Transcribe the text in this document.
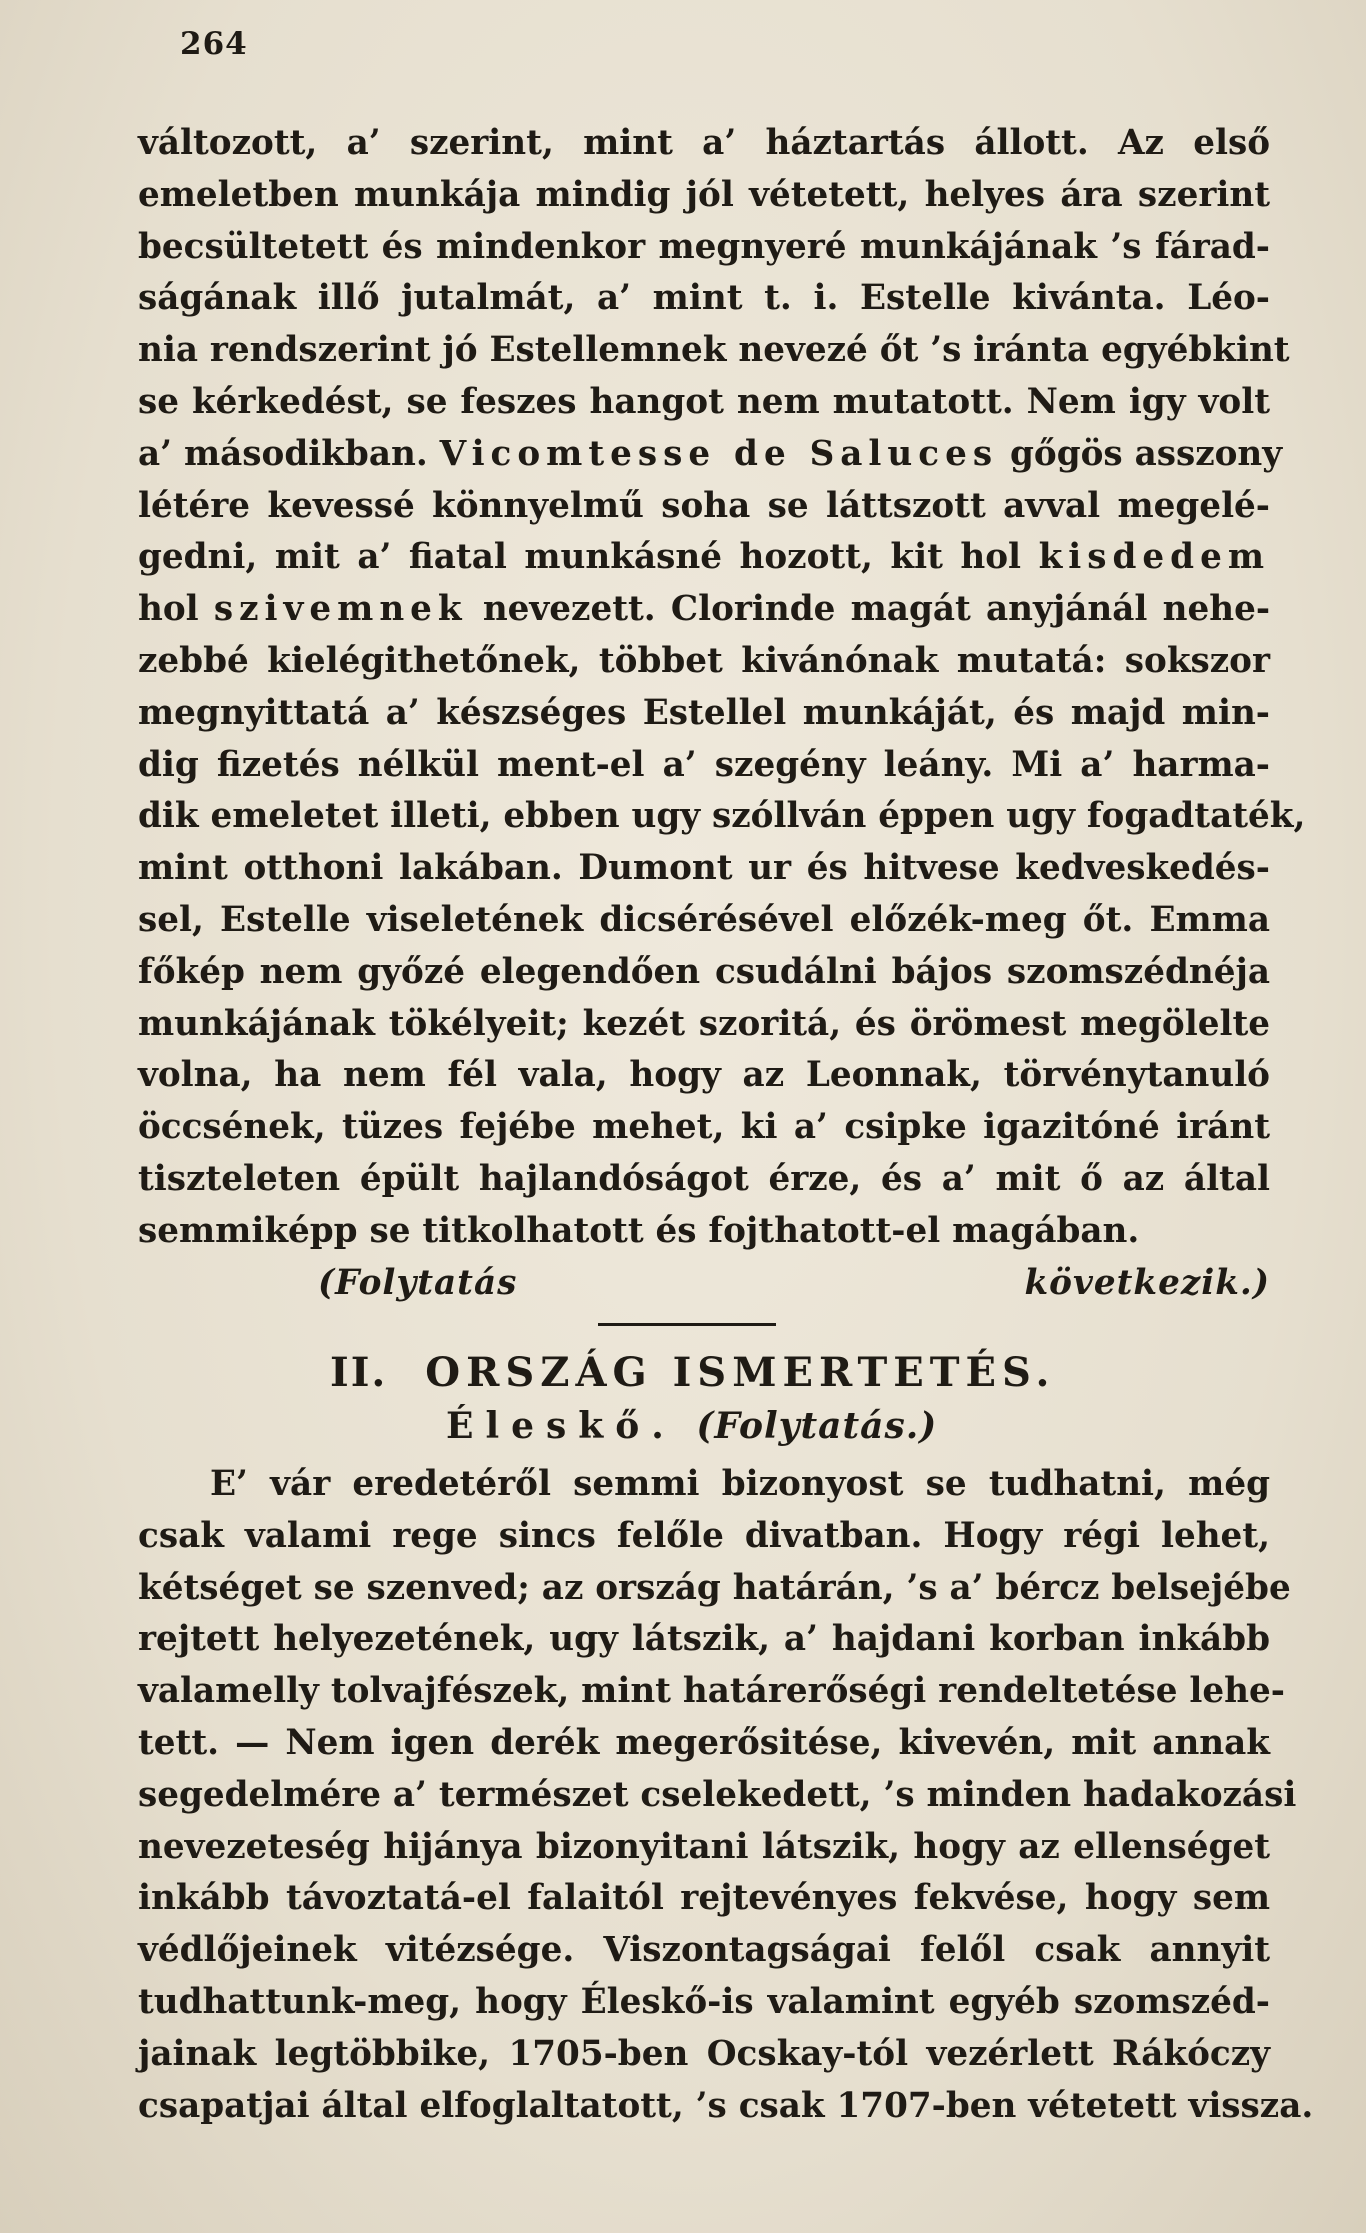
264
változott, a’ szerint, mint a’ háztartás állott. Az első
emeletben munkája mindig jól vétetett, helyes ára szerint
becsültetett és mindenkor megnyeré munkájának ’s fárad-
ságának illő jutalmát, a’ mint t. i. Estelle kivánta. Léo-
nia rendszerint jó Estellemnek nevezé őt ’s iránta egyébkint
se kérkedést, se feszes hangot nem mutatott. Nem igy volt
a’ másodikban. Vicomtesse de Saluces gőgös asszony
létére kevessé könnyelmű soha se láttszott avval megelé-
gedni, mit a’ fiatal munkásné hozott, kit hol kisdedem
hol szivemnek nevezett. Clorinde magát anyjánál nehe-
zebbé kielégithetőnek, többet kivánónak mutatá: sokszor
megnyittatá a’ készséges Estellel munkáját, és majd min-
dig fizetés nélkül ment-el a’ szegény leány. Mi a’ harma-
dik emeletet illeti, ebben ugy szóllván éppen ugy fogadtaték,
mint otthoni lakában. Dumont ur és hitvese kedveskedés-
sel, Estelle viseletének dicsérésével előzék-meg őt. Emma
főkép nem győzé elegendően csudálni bájos szomszédnéja
munkájának tökélyeit; kezét szoritá, és örömest megölelte
volna, ha nem fél vala, hogy az Leonnak, törvénytanuló
öccsének, tüzes fejébe mehet, ki a’ csipke igazitóné iránt
tiszteleten épült hajlandóságot érze, és a’ mit ő az által
semmiképp se titkolhatott és fojthatott-el magában.
(Folytatás következik.)
II. ORSZÁG ISMERTETÉS.
Éleskő. (Folytatás.)
E’ vár eredetéről semmi bizonyost se tudhatni, még
csak valami rege sincs felőle divatban. Hogy régi lehet,
kétséget se szenved; az ország határán, ’s a’ bércz belsejébe
rejtett helyezetének, ugy látszik, a’ hajdani korban inkább
valamelly tolvajfészek, mint határerőségi rendeltetése lehe-
tett. — Nem igen derék megerősitése, kivevén, mit annak
segedelmére a’ természet cselekedett, ’s minden hadakozási
nevezeteség hijánya bizonyitani látszik, hogy az ellenséget
inkább távoztatá-el falaitól rejtevényes fekvése, hogy sem
védlőjeinek vitézsége. Viszontagságai felől csak annyit
tudhattunk-meg, hogy Éleskő-is valamint egyéb szomszéd-
jainak legtöbbike, 1705-ben Ocskay-tól vezérlett Rákóczy
csapatjai által elfoglaltatott, ’s csak 1707-ben vétetett vissza.
